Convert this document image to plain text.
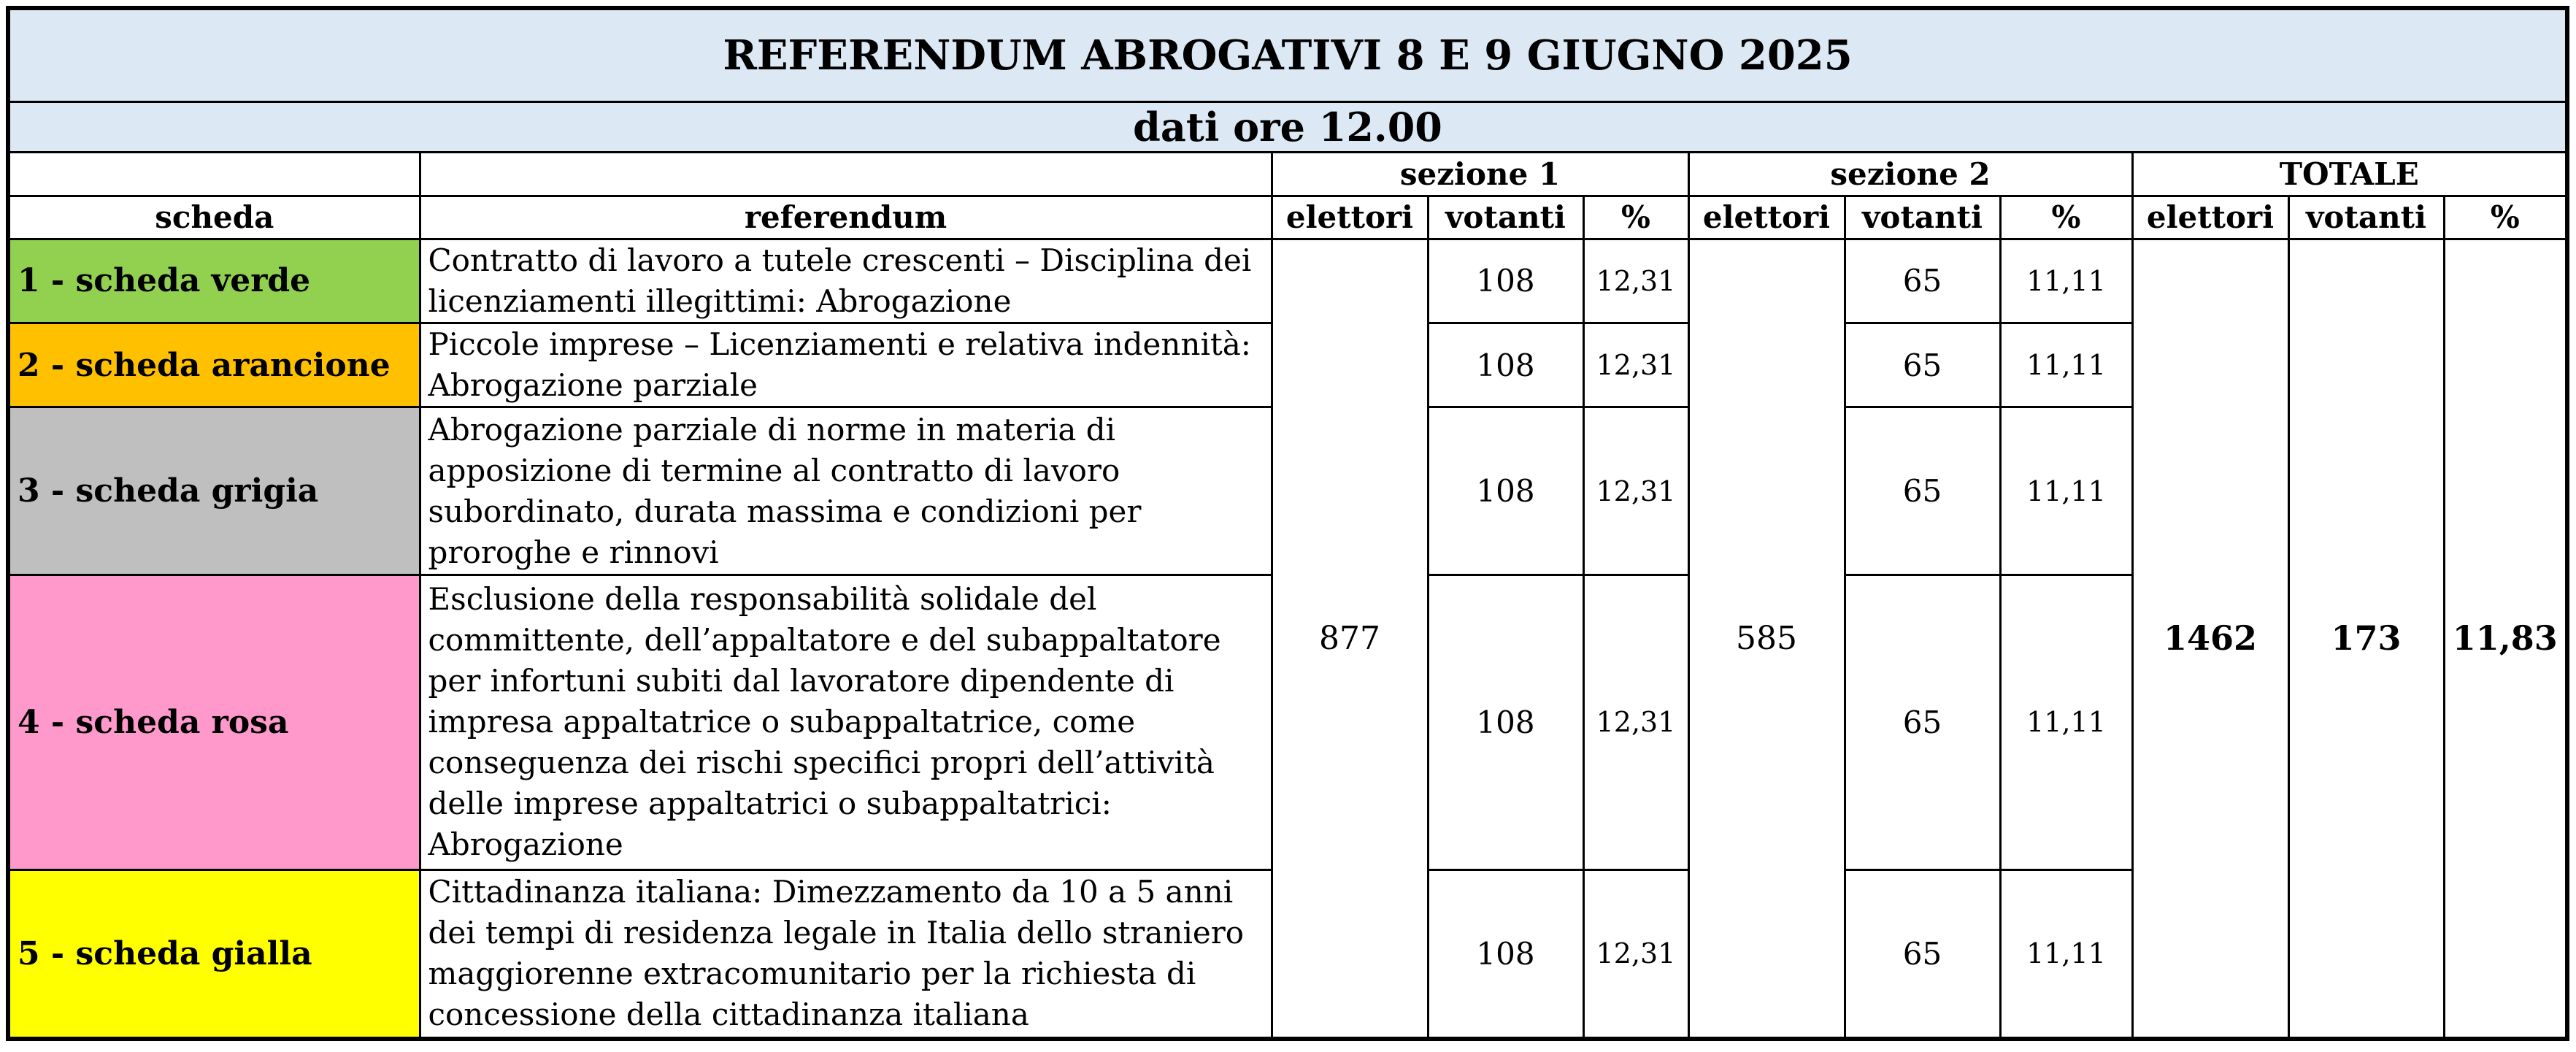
REFERENDUM ABROGATIVI 8 E 9 GIUGNO 2025										
dati ore 12.00										
		sezione 1			sezione 2			TOTALE		
scheda	referendum	elettori	votanti	%	elettori	votanti	%	elettori	votanti	%
1 - scheda verde	Contratto di lavoro a tutele crescenti – Disciplina dei licenziamenti illegittimi: Abrogazione	877	108	12,31	585	65	11,11	1462	173	11,83
2 - scheda arancione	Piccole imprese – Licenziamenti e relativa indennità: Abrogazione parziale		108	12,31		65	11,11			
3 - scheda grigia	Abrogazione parziale di norme in materia di apposizione di termine al contratto di lavoro subordinato, durata massima e condizioni per proroghe e rinnovi		108	12,31		65	11,11			
4 - scheda rosa	Esclusione della responsabilità solidale del committente, dell’appaltatore e del subappaltatore per infortuni subiti dal lavoratore dipendente di impresa appaltatrice o subappaltatrice, come conseguenza dei rischi specifici propri dell’attività delle imprese appaltatrici o subappaltatrici: Abrogazione		108	12,31		65	11,11			
5 - scheda gialla	Cittadinanza italiana: Dimezzamento da 10 a 5 anni dei tempi di residenza legale in Italia dello straniero maggiorenne extracomunitario per la richiesta di concessione della cittadinanza italiana		108	12,31		65	11,11			
